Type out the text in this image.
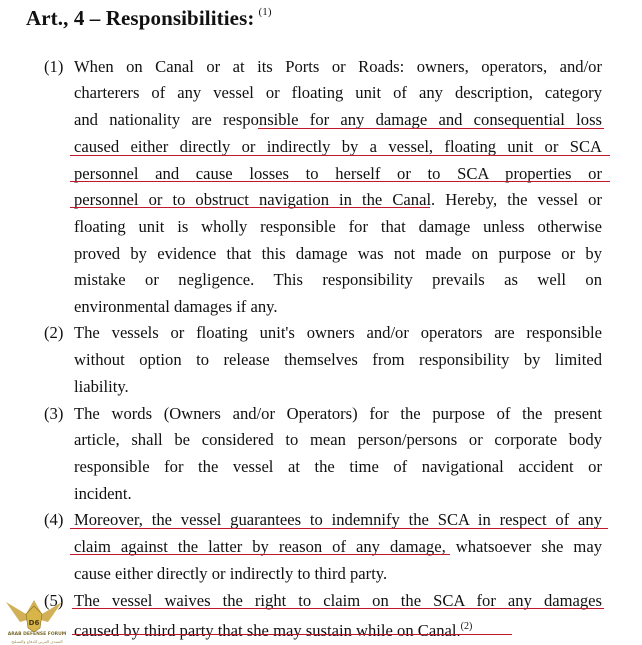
Art., 4 – Responsibilities: $^{(1)}$
(1) When on Canal or at its Ports or Roads: owners, operators, and/or
charterers of any vessel or floating unit of any description, category
and nationality are responsible for any damage and consequential loss
caused either directly or indirectly by a vessel, floating unit or SCA
personnel and cause losses to herself or to SCA properties or
personnel or to obstruct navigation in the Canal. Hereby, the vessel or
floating unit is wholly responsible for that damage unless otherwise
proved by evidence that this damage was not made on purpose or by
mistake or negligence. This responsibility prevails as well on
environmental damages if any.
(2) The vessels or floating unit's owners and/or operators are responsible
without option to release themselves from responsibility by limited
liability.
(3) The words (Owners and/or Operators) for the purpose of the present
article, shall be considered to mean person/persons or corporate body
responsible for the vessel at the time of navigational accident or
incident.
(4) Moreover, the vessel guarantees to indemnify the SCA in respect of any
claim against the latter by reason of any damage, whatsoever she may
cause either directly or indirectly to third party.
(5) The vessel waives the right to claim on the SCA for any damages
caused by third party that she may sustain while on Canal.$^{(2)}$
D6
ARAB DEFENSE FORUM
المنتدى العربي للدفاع والتسليح
